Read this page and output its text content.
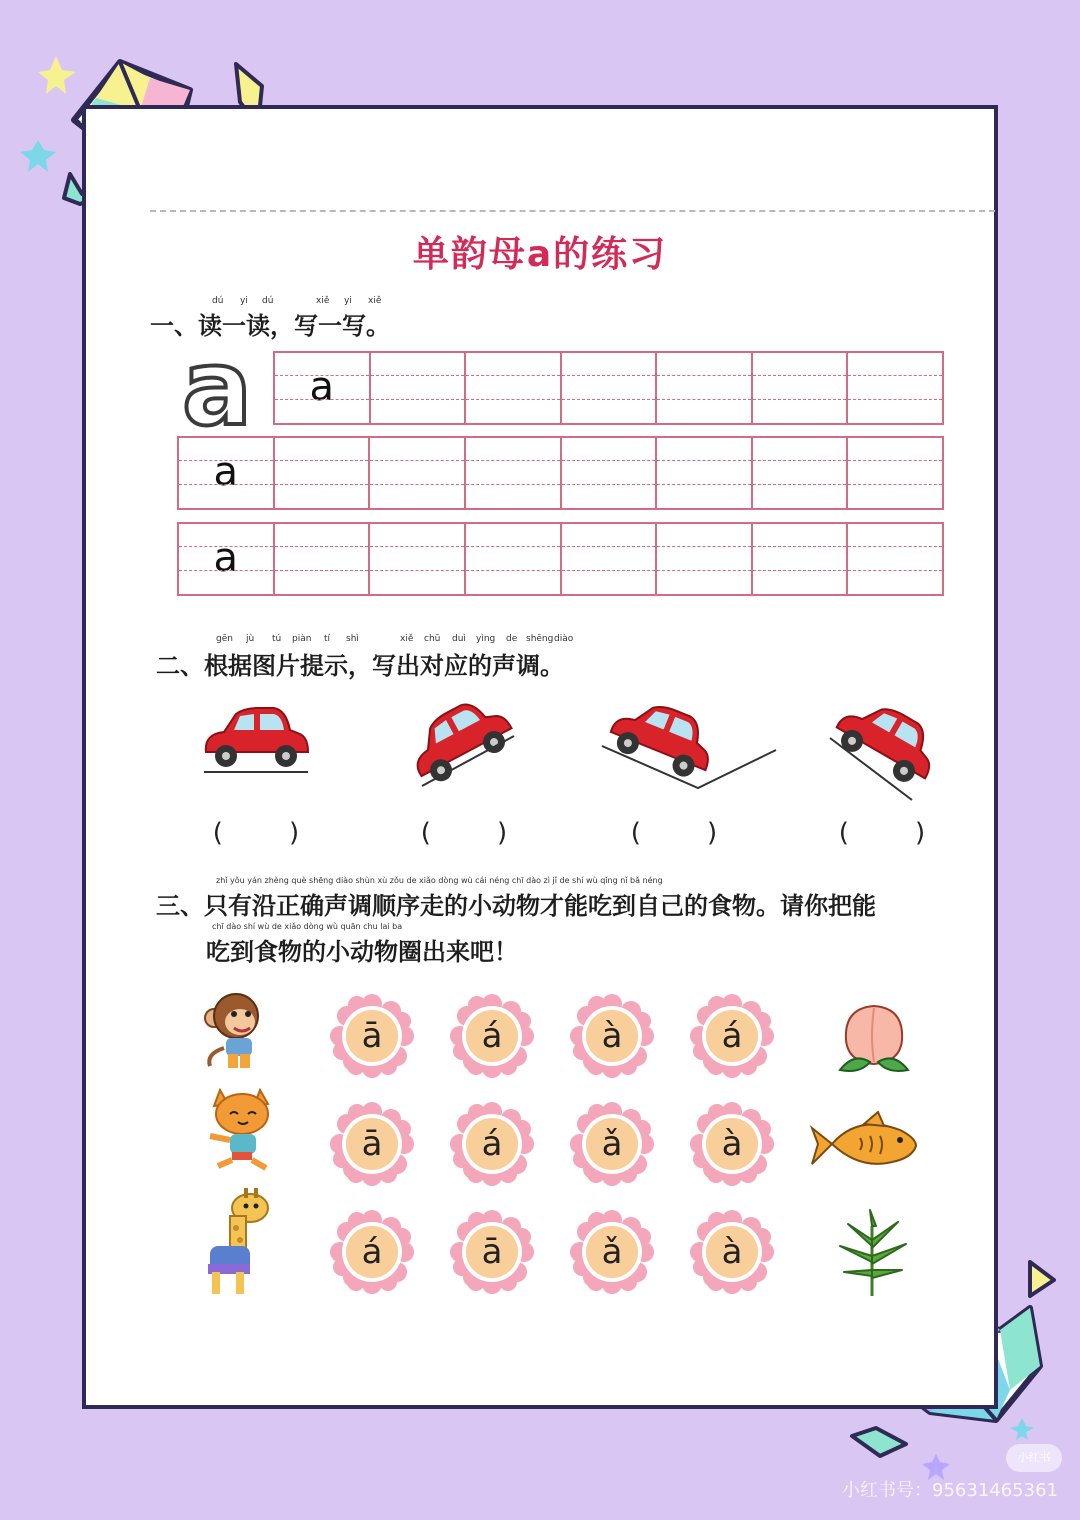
单韵母a的练习
dú yi dú	xiě yi xiě
一、读一读，写一写。
a	a
a
a
gēn jù tú piàn tí shì	xiě chū duì yìng de shēng diào
二、根据图片提示，写出对应的声调。
(        )	(        )	(        )	(        )
zhǐ yǒu yán zhèng què shēng diào shùn xù zǒu de xiǎo dòng wù cái néng chī dào zì jǐ de shí wù qǐng nǐ bǎ néng
三、只有沿正确声调顺序走的小动物才能吃到自己的食物。请你把能
chī dào shí wù de xiǎo dòng wù quān chu lai ba
吃到食物的小动物圈出来吧！
ā	á	à	á
ā	á	ǎ	à
á	ā	ǎ	à
小红书
小红书号：95631465361
